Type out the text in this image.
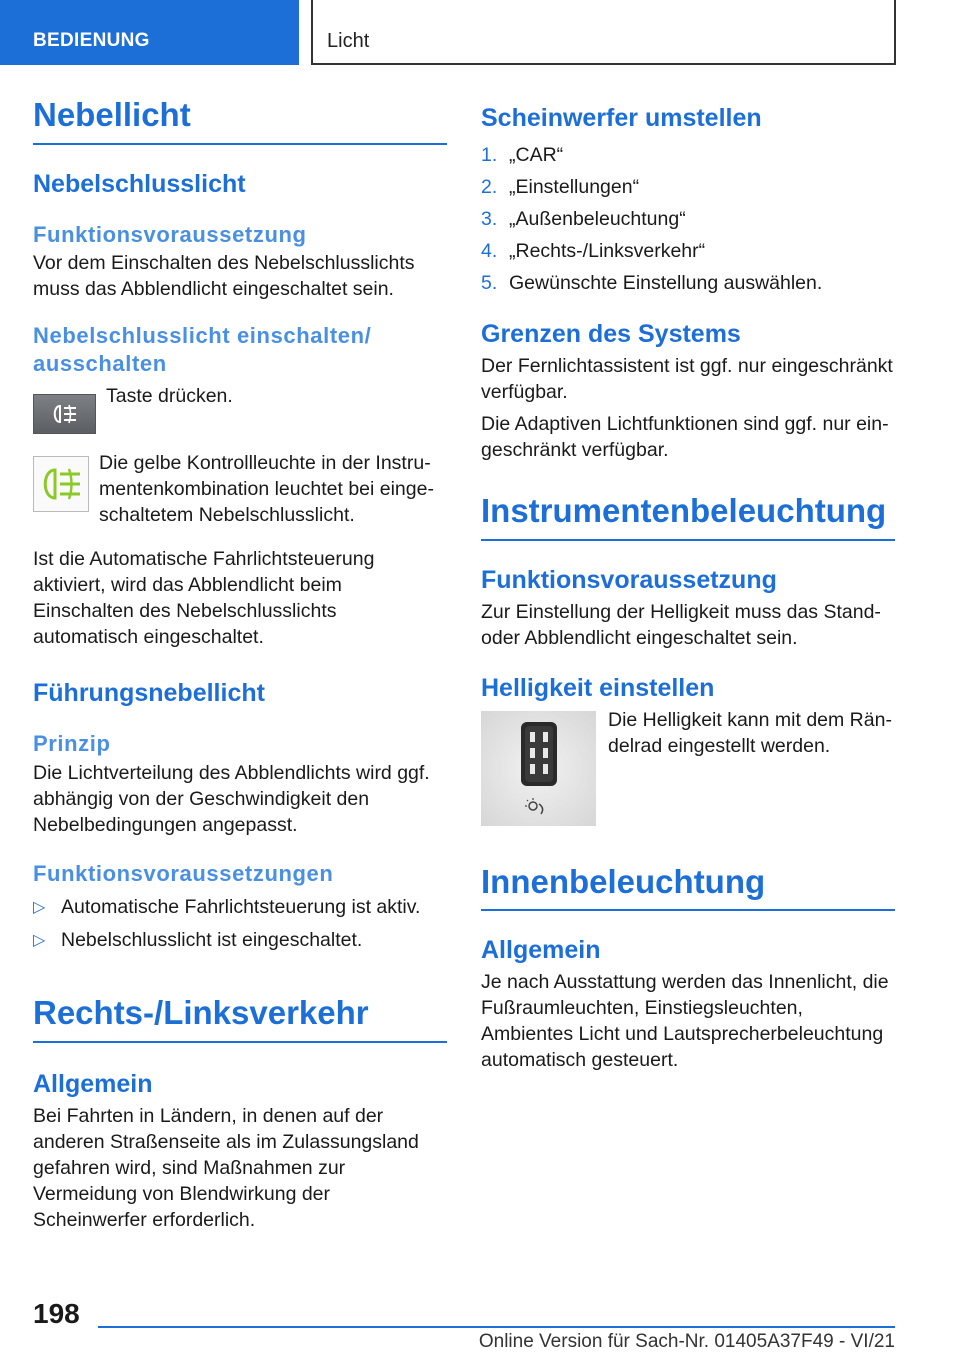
BEDIENUNG	Licht
Nebellicht
Nebelschlusslicht
Funktionsvoraussetzung

Vor dem Einschalten des Nebelschlusslichts muss das Abblendlicht eingeschaltet sein.

Nebelschlusslicht einschalten/ ausschalten

Taste drücken.

Die gelbe Kontrollleuchte in der Instrumentenkombination leuchtet bei eingeschaltetem Nebelschlusslicht.

Ist die Automatische Fahrlichtsteuerung aktiviert, wird das Abblendlicht beim Einschalten des Nebelschlusslichts automatisch eingeschaltet.

Führungsnebellicht
Prinzip

Die Lichtverteilung des Abblendlichts wird ggf. abhängig von der Geschwindigkeit den Nebelbedingungen angepasst.

Funktionsvoraussetzungen
▷ Automatische Fahrlichtsteuerung ist aktiv.
▷ Nebelschlusslicht ist eingeschaltet.
Rechts-/Linksverkehr
Allgemein

Bei Fahrten in Ländern, in denen auf der anderen Straßenseite als im Zulassungsland gefahren wird, sind Maßnahmen zur Vermeidung von Blendwirkung der Scheinwerfer erforderlich.

Scheinwerfer umstellen
1. „CAR“
2. „Einstellungen“
3. „Außenbeleuchtung“
4. „Rechts-/Linksverkehr“
5. Gewünschte Einstellung auswählen.
Grenzen des Systems

Der Fernlichtassistent ist ggf. nur eingeschränkt verfügbar.

Die Adaptiven Lichtfunktionen sind ggf. nur eingeschränkt verfügbar.

Instrumentenbeleuchtung
Funktionsvoraussetzung

Zur Einstellung der Helligkeit muss das Stand- oder Abblendlicht eingeschaltet sein.

Helligkeit einstellen

Die Helligkeit kann mit dem Rändelrad eingestellt werden.

Innenbeleuchtung
Allgemein

Je nach Ausstattung werden das Innenlicht, die Fußraumleuchten, Einstiegsleuchten, Ambientes Licht und Lautsprecherbeleuchtung automatisch gesteuert.

198
Online Version für Sach-Nr. 01405A37F49 - VI/21
